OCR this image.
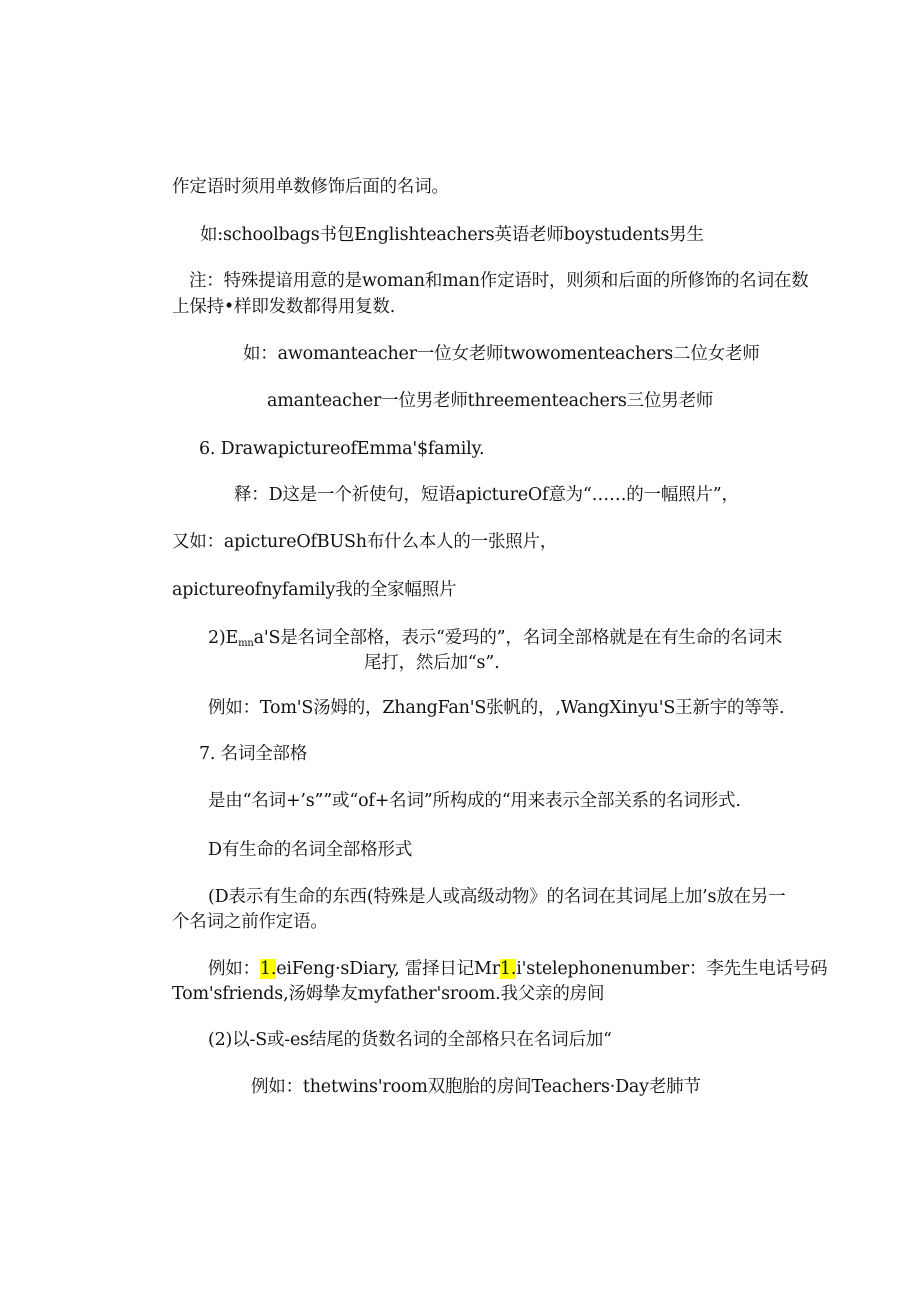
作定语时须用单数修饰后面的名词。
如:schoolbags书包Englishteachers英语老师boystudents男生
注：特殊提谙用意的是woman和man作定语时，则须和后面的所修饰的名词在数
上保持•样即发数都得用复数.
如：awomanteacher一位女老师twowomenteachers二位女老师
amanteacher一位男老师threementeachers三位男老师
6. DrawapictureofEmma'$family.
释：D这是一个祈使句，短语apictureOf意为“……的一幅照片”，
又如：apictureOfBUSh布什么本人的一张照片，
apictureofnyfamily我的全家幅照片
$2)E_{mn}a'S$是名词全部格，表示“爱玛的”，名词全部格就是在有生命的名词末
尾打，然后加“s”.
例如：Tom'S汤姆的，ZhangFan'S张帆的，,WangXinyu'S王新宇的等等.
7. 名词全部格
是由“名词+’s””或“of+名词”所构成的“用来表示全部关系的名词形式.
D有生命的名词全部格形式
(D表示有生命的东西(特殊是人或高级动物》的名词在其词尾上加’s放在另一
个名词之前作定语。
例如：1.eiFeng·sDiary, 雷择日记Mr1.i'stelephonenumber：李先生电话号码
Tom'sfriends,汤姆挚友myfather'sroom.我父亲的房间
(2)以-S或-es结尾的货数名词的全部格只在名词后加“
例如：thetwins'room双胞胎的房间Teachers·Day老肺节
